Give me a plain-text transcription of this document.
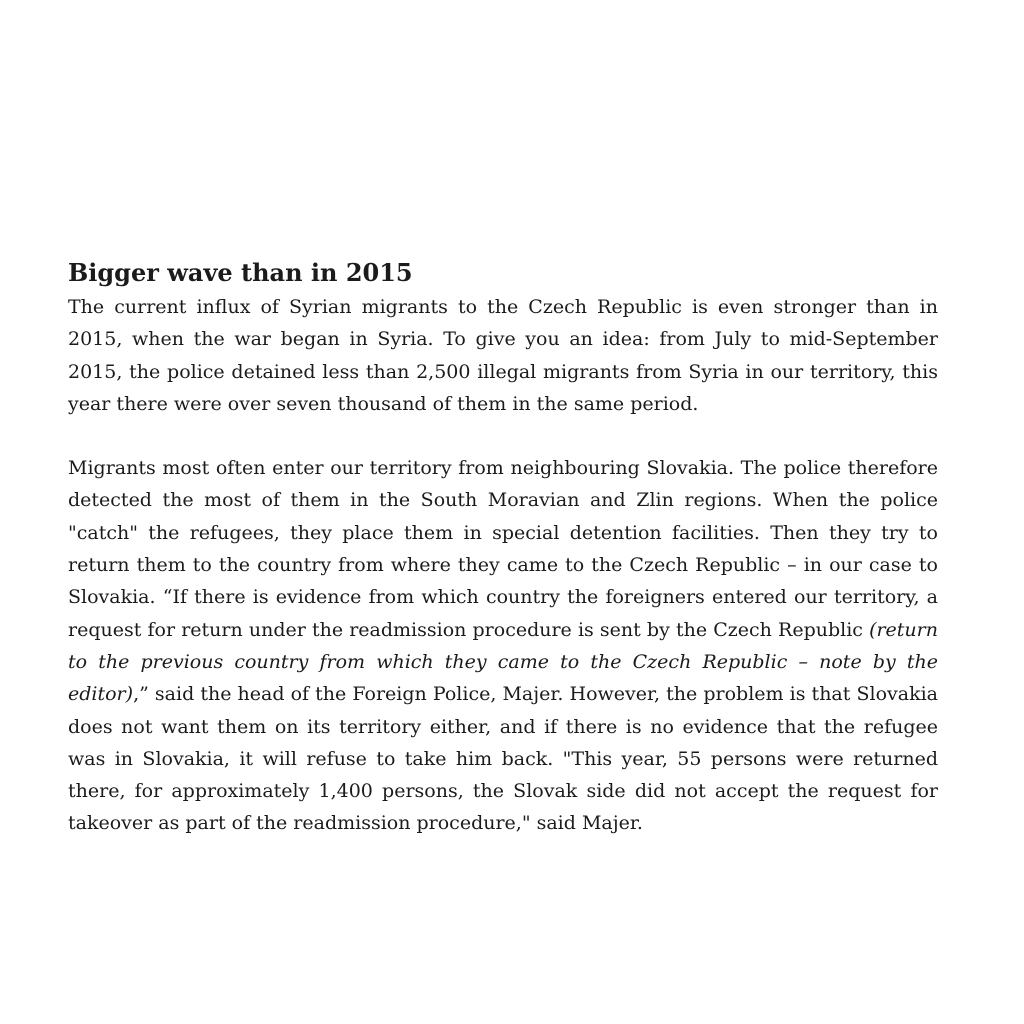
Bigger wave than in 2015

The current influx of Syrian migrants to the Czech Republic is even stronger than in 2015, when the war began in Syria. To give you an idea: from July to mid-September 2015, the police detained less than 2,500 illegal migrants from Syria in our territory, this year there were over seven thousand of them in the same period.

Migrants most often enter our territory from neighbouring Slovakia. The police therefore detected the most of them in the South Moravian and Zlin regions. When the police "catch" the refugees, they place them in special detention facilities. Then they try to return them to the country from where they came to the Czech Republic – in our case to Slovakia. “If there is evidence from which country the foreigners entered our territory, a request for return under the readmission procedure is sent by the Czech Republic (return to the previous country from which they came to the Czech Republic – note by the editor),” said the head of the Foreign Police, Majer. However, the problem is that Slovakia does not want them on its territory either, and if there is no evidence that the refugee was in Slovakia, it will refuse to take him back. "This year, 55 persons were returned there, for approximately 1,400 persons, the Slovak side did not accept the request for takeover as part of the readmission procedure," said Majer.
